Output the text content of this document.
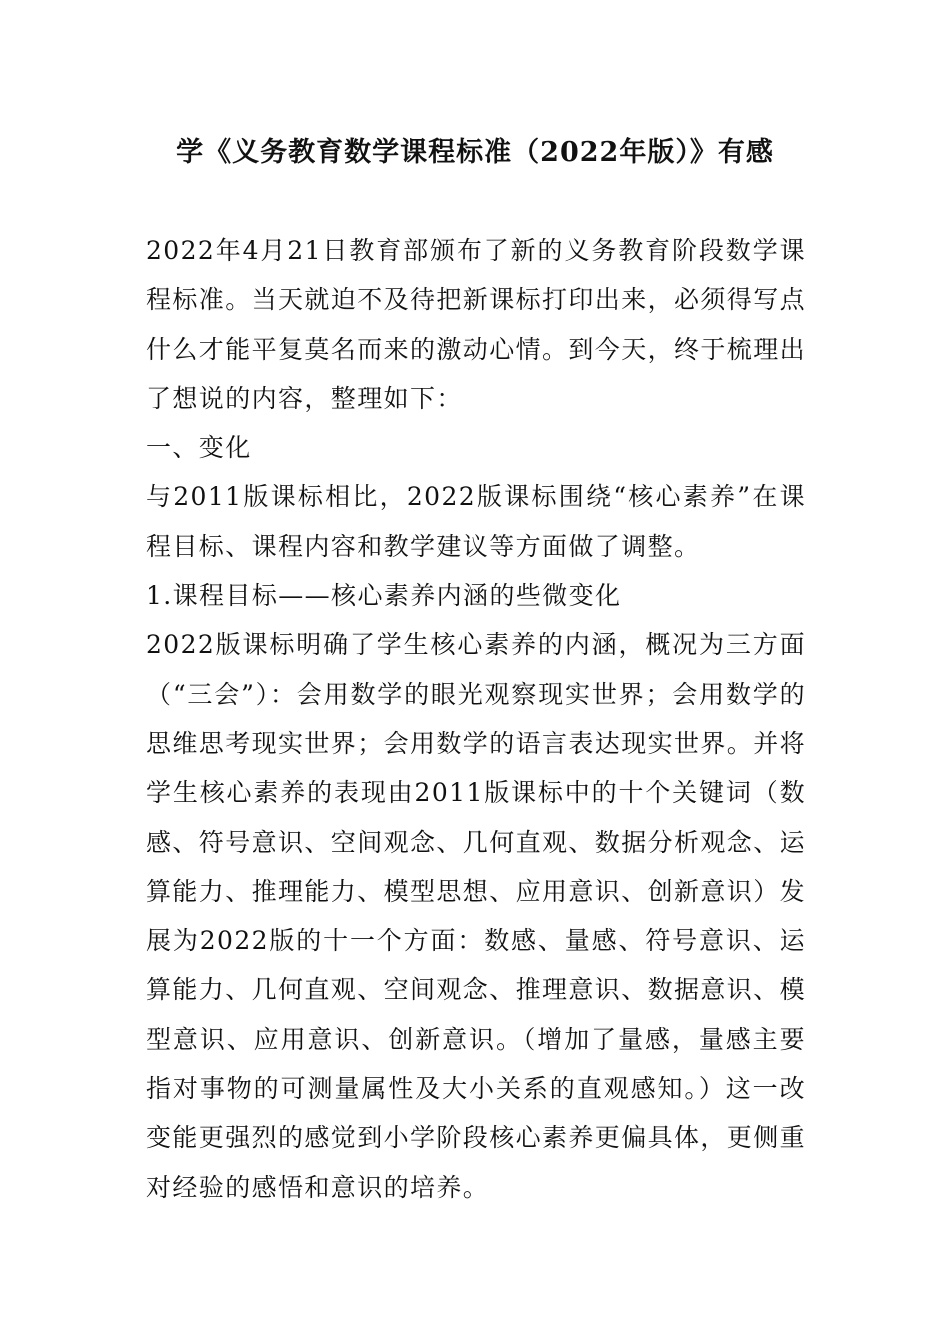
学《义务教育数学课程标准（2022年版）》有感

2022年4月21日教育部颁布了新的义务教育阶段数学课程标准。当天就迫不及待把新课标打印出来，必须得写点什么才能平复莫名而来的激动心情。到今天，终于梳理出了想说的内容，整理如下：

一、变化

与2011版课标相比，2022版课标围绕“核心素养”在课程目标、课程内容和教学建议等方面做了调整。

1.课程目标——核心素养内涵的些微变化

2022版课标明确了学生核心素养的内涵，概况为三方面（“三会”）：会用数学的眼光观察现实世界；会用数学的思维思考现实世界；会用数学的语言表达现实世界。并将学生核心素养的表现由2011版课标中的十个关键词（数感、符号意识、空间观念、几何直观、数据分析观念、运算能力、推理能力、模型思想、应用意识、创新意识）发展为2022版的十一个方面：数感、量感、符号意识、运算能力、几何直观、空间观念、推理意识、数据意识、模型意识、应用意识、创新意识。（增加了量感，量感主要指对事物的可测量属性及大小关系的直观感知。）这一改变能更强烈的感觉到小学阶段核心素养更偏具体，更侧重对经验的感悟和意识的培养。
